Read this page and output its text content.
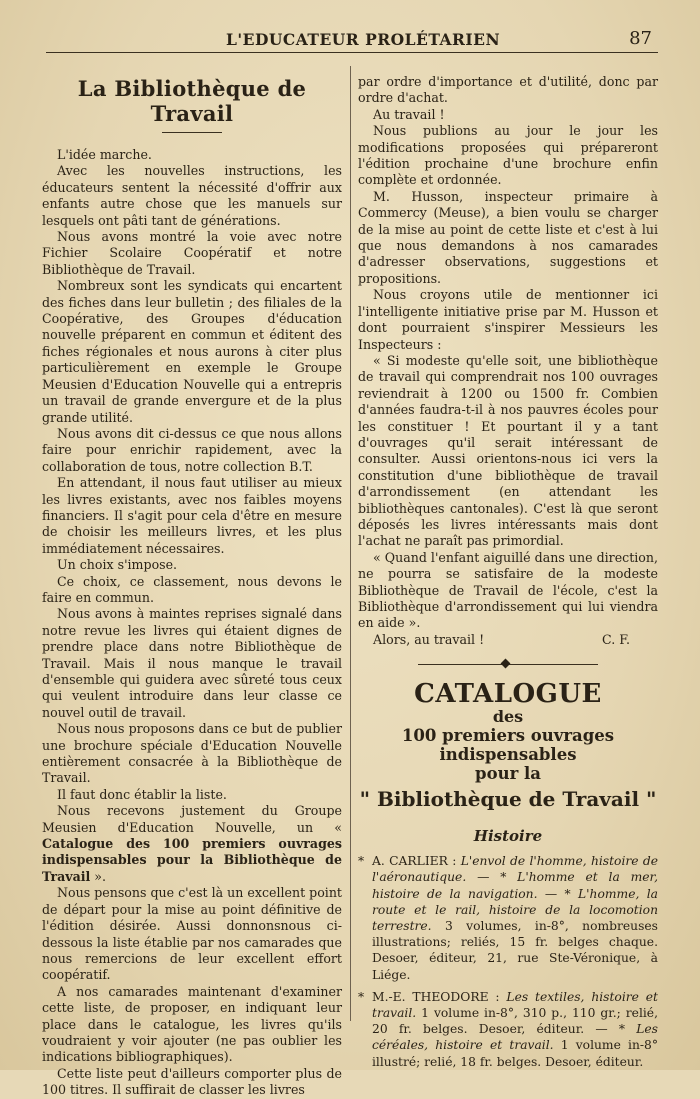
L'EDUCATEUR PROLÉTARIEN	87
La Bibliothèque de Travail

L'idée marche.

Avec les nouvelles instructions, les éducateurs sentent la nécessité d'offrir aux enfants autre chose que les manuels sur lesquels ont pâti tant de générations.

Nous avons montré la voie avec notre Fichier Scolaire Coopératif et notre Bibliothèque de Travail.

Nombreux sont les syndicats qui encartent des fiches dans leur bulletin ; des filiales de la Coopérative, des Groupes d'éducation nouvelle préparent en commun et éditent des fiches régionales et nous aurons à citer plus particulièrement en exemple le Groupe Meusien d'Education Nouvelle qui a entrepris un travail de grande envergure et de la plus grande utilité.

Nous avons dit ci-dessus ce que nous allons faire pour enrichir rapidement, avec la collaboration de tous, notre collection B.T.

En attendant, il nous faut utiliser au mieux les livres existants, avec nos faibles moyens financiers. Il s'agit pour cela d'être en mesure de choisir les meilleurs livres, et les plus immédiatement nécessaires.

Un choix s'impose.

Ce choix, ce classement, nous devons le faire en commun.

Nous avons à maintes reprises signalé dans notre revue les livres qui étaient dignes de prendre place dans notre Bibliothèque de Travail. Mais il nous manque le travail d'ensemble qui guidera avec sûreté tous ceux qui veulent introduire dans leur classe ce nouvel outil de travail.

Nous nous proposons dans ce but de publier une brochure spéciale d'Education Nouvelle entièrement consacrée à la Bibliothèque de Travail.

Il faut donc établir la liste.

Nous recevons justement du Groupe Meusien d'Education Nouvelle, un « Catalogue des 100 premiers ouvrages indispensables pour la Bibliothèque de Travail ».

Nous pensons que c'est là un excellent point de départ pour la mise au point définitive de l'édition désirée. Aussi donnonsnous ci-dessous la liste établie par nos camarades que nous remercions de leur excellent effort coopératif.

A nos camarades maintenant d'examiner cette liste, de proposer, en indiquant leur place dans le catalogue, les livres qu'ils voudraient y voir ajouter (ne pas oublier les indications bibliographiques).

Cette liste peut d'ailleurs comporter plus de 100 titres. Il suffirait de classer les livres

par ordre d'importance et d'utilité, donc par ordre d'achat.

Au travail !

Nous publions au jour le jour les modifications proposées qui prépareront l'édition prochaine d'une brochure enfin complète et ordonnée.

M. Husson, inspecteur primaire à Commercy (Meuse), a bien voulu se charger de la mise au point de cette liste et c'est à lui que nous demandons à nos camarades d'adresser observations, suggestions et propositions.

Nous croyons utile de mentionner ici l'intelligente initiative prise par M. Husson et dont pourraient s'inspirer Messieurs les Inspecteurs :

« Si modeste qu'elle soit, une bibliothèque de travail qui comprendrait nos 100 ouvrages reviendrait à 1200 ou 1500 fr. Combien d'années faudra-t-il à nos pauvres écoles pour les constituer ! Et pourtant il y a tant d'ouvrages qu'il serait intéressant de consulter. Aussi orientons-nous ici vers la constitution d'une bibliothèque de travail d'arrondissement (en attendant les bibliothèques cantonales). C'est là que seront déposés les livres intéressants mais dont l'achat ne paraît pas primordial.

« Quand l'enfant aiguillé dans une direction, ne pourra se satisfaire de la modeste Bibliothèque de Travail de l'école, c'est la Bibliothèque d'arrondissement qui lui viendra en aide ».

Alors, au travail !	C. F.
CATALOGUE
des
100 premiers ouvrages indispensables
pour la
" Bibliothèque de Travail "
Histoire
* A. CARLIER : L'envol de l'homme, histoire de l'aéronautique. — * L'homme et la mer, histoire de la navigation. — * L'homme, la route et le rail, histoire de la locomotion terrestre. 3 volumes, in-8°, nombreuses illustrations; reliés, 15 fr. belges chaque. Desoer, éditeur, 21, rue Ste-Véronique, à Liége.
* M.-E. THEODORE : Les textiles, histoire et travail. 1 volume in-8°, 310 p., 110 gr.; relié, 20 fr. belges. Desoer, éditeur. — * Les céréales, histoire et travail. 1 volume in-8° illustré; relié, 18 fr. belges. Desoer, éditeur.
